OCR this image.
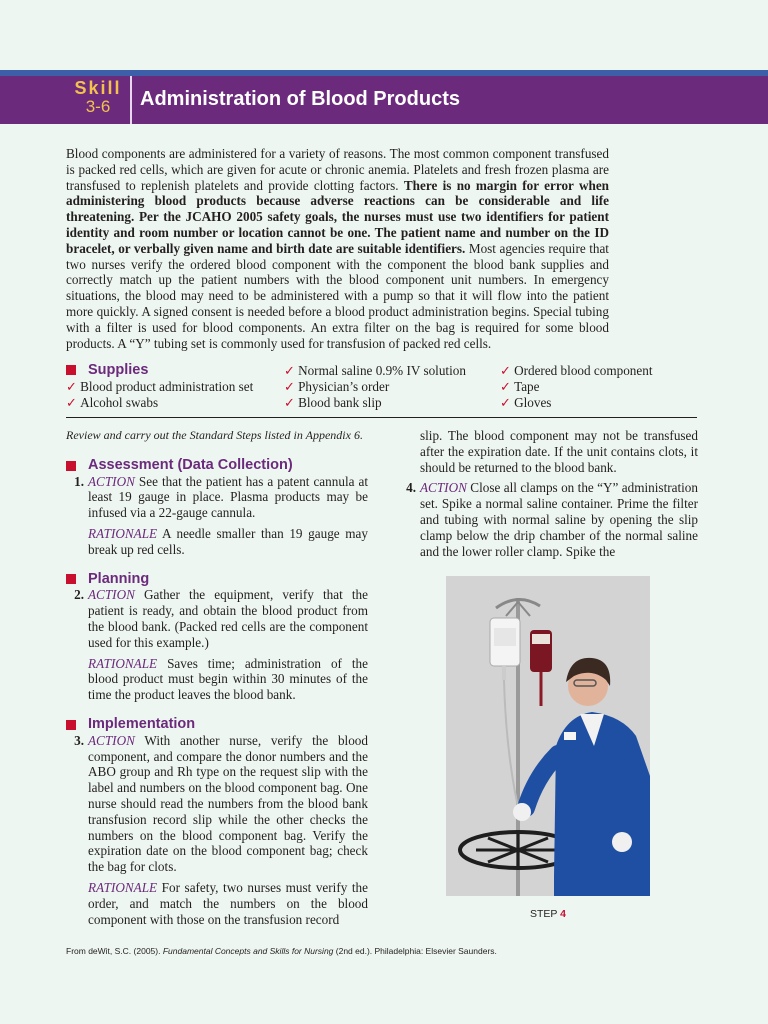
Skill
3-6	Administration of Blood Products

Blood components are administered for a variety of reasons. The most common component transfused is packed red cells, which are given for acute or chronic anemia. Platelets and fresh frozen plasma are transfused to replenish platelets and provide clotting factors. There is no margin for error when administering blood products because adverse reactions can be considerable and life threatening. Per the JCAHO 2005 safety goals, the nurses must use two identifiers for patient identity and room number or location cannot be one. The patient name and number on the ID bracelet, or verbally given name and birth date are suitable identifiers. Most agencies require that two nurses verify the ordered blood component with the component the blood bank supplies and correctly match up the patient numbers with the blood component unit numbers. In emergency situations, the blood may need to be administered with a pump so that it will flow into the patient more quickly. A signed consent is needed before a blood product administration begins. Special tubing with a filter is used for blood components. An extra filter on the bag is required for some blood products. A “Y” tubing set is commonly used for transfusion of packed red cells.

Supplies
✓ Blood product administration set
✓ Alcohol swabs
✓ Normal saline 0.9% IV solution
✓ Physician’s order
✓ Blood bank slip
✓ Ordered blood component
✓ Tape
✓ Gloves

Review and carry out the Standard Steps listed in Appendix 6.

Assessment (Data Collection)
1. ACTION See that the patient has a patent cannula at least 19 gauge in place. Plasma products may be infused via a 22-gauge cannula.

RATIONALE A needle smaller than 19 gauge may break up red cells.

Planning
2. ACTION Gather the equipment, verify that the patient is ready, and obtain the blood product from the blood bank. (Packed red cells are the component used for this example.)

RATIONALE Saves time; administration of the blood product must begin within 30 minutes of the time the product leaves the blood bank.

Implementation
3. ACTION With another nurse, verify the blood component, and compare the donor numbers and the ABO group and Rh type on the request slip with the label and numbers on the blood component bag. One nurse should read the numbers from the blood bank transfusion record slip while the other checks the numbers on the blood component bag. Verify the expiration date on the blood component bag; check the bag for clots.

RATIONALE For safety, two nurses must verify the order, and match the numbers on the blood component with those on the transfusion record

slip. The blood component may not be transfused after the expiration date. If the unit contains clots, it should be returned to the blood bank.

4. ACTION Close all clamps on the “Y” administration set. Spike a normal saline container. Prime the filter and tubing with normal saline by opening the slip clamp below the drip chamber of the normal saline and the lower roller clamp. Spike the

STEP 4
From deWit, S.C. (2005). Fundamental Concepts and Skills for Nursing (2nd ed.). Philadelphia: Elsevier Saunders.
